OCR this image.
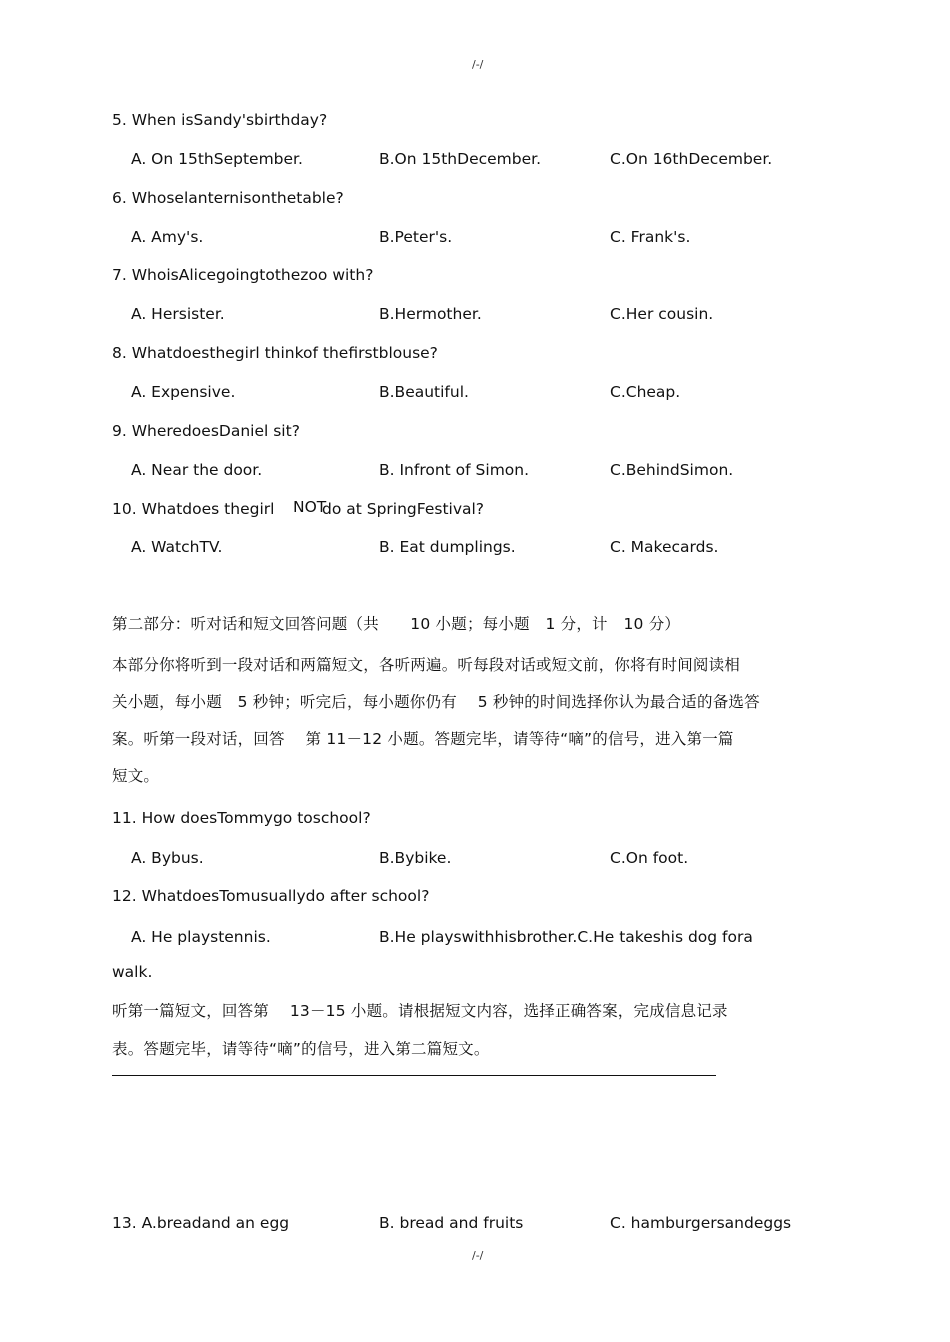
/-/
5. When isSandy'sbirthday?
A. On 15thSeptember.	B.On 15thDecember.	C.On 16thDecember.
6. Whoselanternisonthetable?
A. Amy's.	B.Peter's.	C. Frank's.
7. WhoisAlicegoingtothezoo with?
A. Hersister.	B.Hermother.	C.Her cousin.
8. Whatdoesthegirl thinkof thefirstblouse?
A. Expensive.	B.Beautiful.	C.Cheap.
9. WheredoesDaniel sit?
A. Near the door.	B. Infront of Simon.	C.BehindSimon.
10. Whatdoes thegirl NOT
do at SpringFestival?
A. WatchTV.	B. Eat dumplings.	C. Makecards.
第二部分：听对话和短文回答问题（共　　10 小题；每小题　1 分，计　10 分）
本部分你将听到一段对话和两篇短文，各听两遍。听每段对话或短文前，你将有时间阅读相
关小题，每小题　5 秒钟；听完后，每小题你仍有　 5 秒钟的时间选择你认为最合适的备选答
案。听第一段对话，回答　 第 11－12 小题。答题完毕，请等待“嘀”的信号，进入第一篇
短文。
11. How doesTommygo toschool?
A. Bybus.	B.Bybike.	C.On foot.
12. WhatdoesTomusuallydo after school?
A. He playstennis.	B.He playswithhisbrother.C.He takeshis dog fora
walk.
听第一篇短文，回答第　 13－15 小题。请根据短文内容，选择正确答案，完成信息记录
表。答题完毕，请等待“嘀”的信号，进入第二篇短文。
13. A.breadand an egg	B. bread and fruits	C. hamburgersandeggs
/-/
